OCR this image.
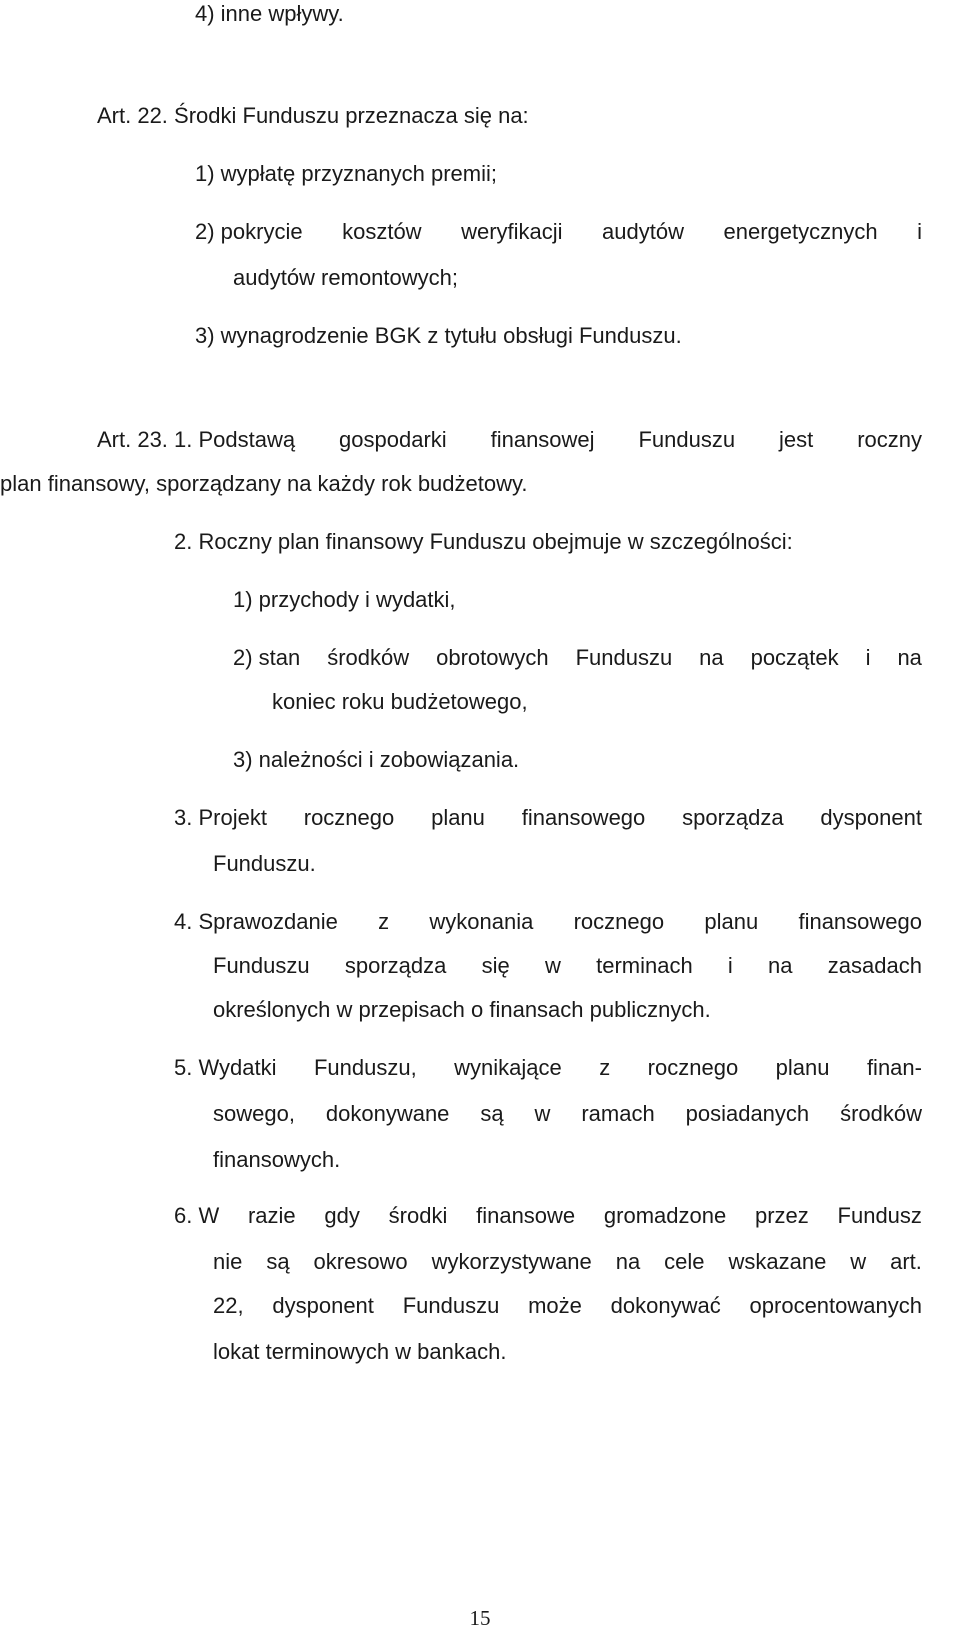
4) inne wpływy.
Art. 22. Środki Funduszu przeznacza się na:
1) wypłatę przyznanych premii;
2) pokrycie kosztów weryfikacji audytów energetycznych i
audytów remontowych;
3) wynagrodzenie BGK z tytułu obsługi Funduszu.
Art. 23. 1. Podstawą gospodarki finansowej Funduszu jest roczny
plan finansowy, sporządzany na każdy rok budżetowy.
2. Roczny plan finansowy Funduszu obejmuje w szczególności:
1) przychody i wydatki,
2) stan środków obrotowych Funduszu na początek i na
koniec roku budżetowego,
3) należności i zobowiązania.
3. Projekt rocznego planu finansowego sporządza dysponent
Funduszu.
4. Sprawozdanie z wykonania rocznego planu finansowego
Funduszu sporządza się w terminach i na zasadach
określonych w przepisach o finansach publicznych.
5. Wydatki Funduszu, wynikające z rocznego planu finan-
sowego, dokonywane są w ramach posiadanych środków
finansowych.
6. W razie gdy środki finansowe gromadzone przez Fundusz
nie są okresowo wykorzystywane na cele wskazane w art.
22, dysponent Funduszu może dokonywać oprocentowanych
lokat terminowych w bankach.
15
